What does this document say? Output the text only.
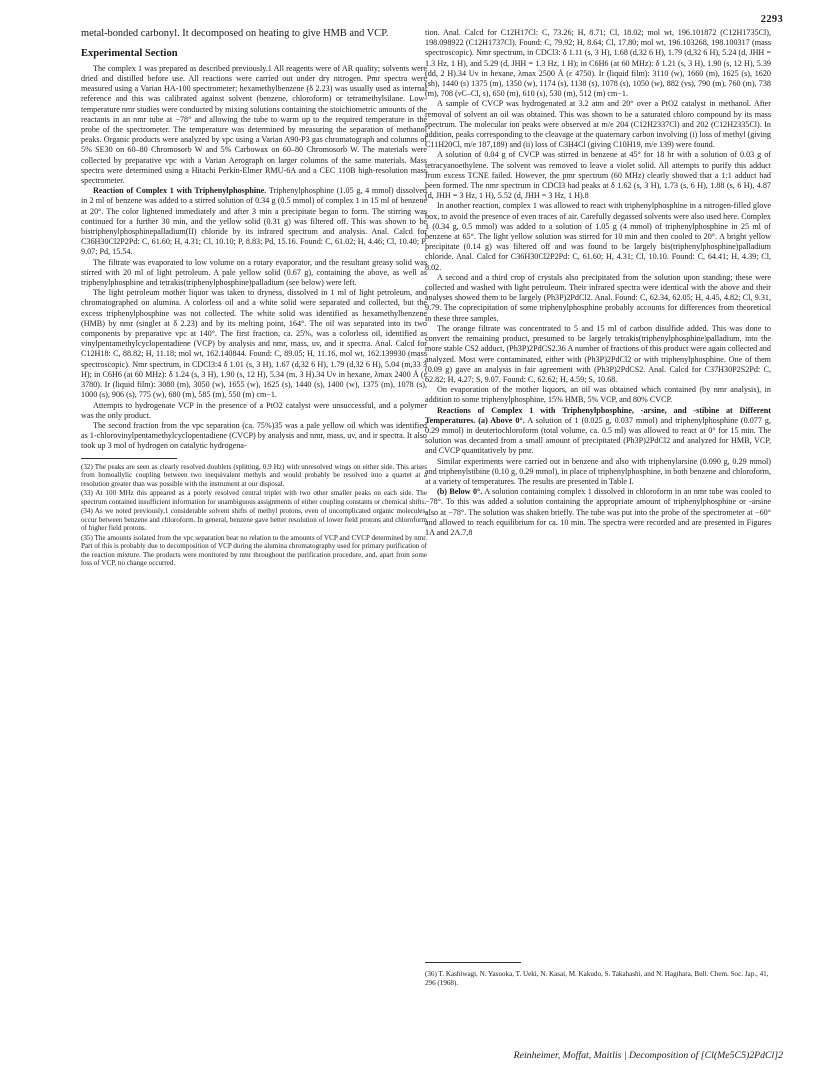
2293

metal-bonded carbonyl. It decomposed on heating to give HMB and VCP.

Experimental Section

The complex 1 was prepared as described previously.1 All reagents were of AR quality; solvents were dried and distilled before use. All reactions were carried out under dry nitrogen. Pmr spectra were measured using a Varian HA-100 spectrometer; hexamethylbenzene (δ 2.23) was usually used as internal reference and this was calibrated against solvent (benzene, chloroform) or tetramethylsilane. Low-temperature nmr studies were conducted by mixing solutions containing the stoichiometric amounts of the reactants in an nmr tube at −78° and allowing the tube to warm up to the required temperature in the probe of the spectrometer. The temperature was determined by measuring the separation of methanol peaks. Organic products were analyzed by vpc using a Varian A90-P3 gas chromatograph and columns of 5% SE30 on 60–80 Chromosorb W and 5% Carbowax on 60–80 Chromosorb W. The materials were collected by preparative vpc with a Varian Aerograph on larger columns of the same materials. Mass spectra were determined using a Hitachi Perkin-Elmer RMU-6A and a CEC 110B high-resolution mass spectrometer.

Reaction of Complex 1 with Triphenylphosphine. Triphenylphosphine (1.05 g, 4 mmol) dissolved in 2 ml of benzene was added to a stirred solution of 0.34 g (0.5 mmol) of complex 1 in 15 ml of benzene at 20°. The color lightened immediately and after 3 min a precipitate began to form. The stirring was continued for a further 30 min, and the yellow solid (0.31 g) was filtered off. This was shown to be bistriphenylphosphinepalladium(II) chloride by its infrared spectrum and analysis. Anal. Calcd for C36H30Cl2P2Pd: C, 61.60; H, 4.31; Cl, 10.10; P, 8.83; Pd, 15.16. Found: C, 61.02; H, 4.46; Cl, 10.40; P, 9.07; Pd, 15.54.

The filtrate was evaporated to low volume on a rotary evaporator, and the resultant greasy solid was stirred with 20 ml of light petroleum. A pale yellow solid (0.67 g), containing the above, as well as triphenylphosphine and tetrakis(triphenylphosphine)palladium (see below) were left.

The light petroleum mother liquor was taken to dryness, dissolved in 1 ml of light petroleum, and chromatographed on alumina. A colorless oil and a white solid were separated and collected, but the excess triphenylphosphine was not collected. The white solid was identified as hexamethylbenzene (HMB) by nmr (singlet at δ 2.23) and by its melting point, 164°. The oil was separated into its two components by preparative vpc at 140°. The first fraction, ca. 25%, was a colorless oil, identified as vinylpentamethylcyclopentadiene (VCP) by analysis and nmr, mass, uv, and ir spectra. Anal. Calcd for C12H18: C, 88.82; H, 11.18; mol wt, 162.140844. Found: C, 89.05; H, 11.16, mol wt, 162.139930 (mass spectroscopic). Nmr spectrum, in CDCl3:4 δ 1.01 (s, 3 H), 1.67 (d,32 6 H), 1.79 (d,32 6 H), 5.04 (m,33 3 H); in C6H6 (at 60 MHz): δ 1.24 (s, 3 H), 1.90 (s, 12 H), 5.34 (m, 3 H).34 Uv in hexane, λmax 2400 Å (ε 3780). Ir (liquid film): 3080 (m), 3050 (w), 1655 (w), 1625 (s), 1440 (s), 1400 (w), 1375 (m), 1078 (s), 1000 (s), 906 (s), 775 (w), 680 (m), 585 (m), 550 (m) cm−1.

Attempts to hydrogenate VCP in the presence of a PtO2 catalyst were unsuccessful, and a polymer was the only product.

The second fraction from the vpc separation (ca. 75%)35 was a pale yellow oil which was identified as 1-chlorovinylpentamethylcyclopentadiene (CVCP) by analysis and nmr, mass, uv, and ir spectra. It also took up 3 mol of hydrogen on catalytic hydrogena-

(32) The peaks are seen as clearly resolved doublets (splitting, 0.9 Hz) with unresolved wings on either side. This arises from homoallylic coupling between two inequivalent methyls and would probably be resolved into a quartet at a resolution greater than was possible with the instrument at our disposal.

(33) At 100 MHz this appeared as a poorly resolved central triplet with two other smaller peaks on each side. The spectrum contained insufficient information for unambiguous assignments of either coupling constants or chemical shifts.

(34) As we noted previously,1 considerable solvent shifts of methyl protons, even of uncomplicated organic molecules, occur between benzene and chloroform. In general, benzene gave better resolution of lower field protons and chloroform of higher field protons.

(35) The amounts isolated from the vpc separation bear no relation to the amounts of VCP and CVCP determined by nmr. Part of this is probably due to decomposition of VCP during the alumina chromatography used for primary purification of the reaction mixture. The products were monitored by nmr throughout the purification procedure, and, apart from some loss of VCP, no change occurred.

tion. Anal. Calcd for C12H17Cl: C, 73.26; H, 8.71; Cl, 18.02; mol wt, 196.101872 (C12H1735Cl), 198.098922 (C12H1737Cl). Found: C, 79.92; H, 8.64; Cl, 17.80; mol wt, 196.103268, 198.100317 (mass spectroscopic). Nmr spectrum, in CDCl3: δ 1.11 (s, 3 H), 1.68 (d,32 6 H), 1.79 (d,32 6 H), 5.24 (d, JHH = 1.3 Hz, 1 H), and 5.29 (d, JHH = 1.3 Hz, 1 H); in C6H6 (at 60 MHz): δ 1.21 (s, 3 H), 1.90 (s, 12 H), 5.39 (dd, 2 H).34 Uv in hexane, λmax 2500 Å (ε 4750). Ir (liquid film): 3110 (w), 1660 (m), 1625 (s), 1620 (sh), 1440 (s) 1375 (m), 1350 (w), 1174 (s), 1138 (s), 1078 (s), 1050 (w), 882 (vs), 790 (m), 760 (m), 738 (m), 708 (νC–Cl, s), 650 (m), 610 (s), 530 (m), 512 (m) cm−1.

A sample of CVCP was hydrogenated at 3.2 atm and 20° over a PtO2 catalyst in methanol. After removal of solvent an oil was obtained. This was shown to be a saturated chloro compound by its mass spectrum. The molecular ion peaks were observed at m/e 204 (C12H2337Cl) and 202 (C12H2335Cl). In addition, peaks corresponding to the cleavage at the quaternary carbon involving (i) loss of methyl (giving C11H20Cl, m/e 187,189) and (ii) loss of C3H4Cl (giving C10H19, m/e 139) were found.

A solution of 0.04 g of CVCP was stirred in benzene at 45° for 18 hr with a solution of 0.03 g of tetracyanoethylene. The solvent was removed to leave a violet solid. All attempts to purify this adduct from excess TCNE failed. However, the pmr spectrum (60 MHz) clearly showed that a 1:1 adduct had been formed. The nmr spectrum in CDCl3 had peaks at δ 1.62 (s, 3 H), 1.73 (s, 6 H), 1.88 (s, 6 H), 4.87 (d, JHH = 3 Hz, 1 H), 5.52 (d, JHH = 3 Hz, 1 H).8

In another reaction, complex 1 was allowed to react with triphenylphosphine in a nitrogen-filled glove box, to avoid the presence of even traces of air. Carefully degassed solvents were also used here. Complex 1 (0.34 g, 0.5 mmol) was added to a solution of 1.05 g (4 mmol) of triphenylphosphine in 25 ml of benzene at 65°. The light yellow solution was stirred for 10 min and then cooled to 20°. A bright yellow precipitate (0.14 g) was filtered off and was found to be largely bis(triphenylphosphine)palladium chloride. Anal. Calcd for C36H30Cl2P2Pd: C, 61.60; H, 4.31; Cl, 10.10. Found: C, 64.41; H, 4.39; Cl, 8.02.

A second and a third crop of crystals also precipitated from the solution upon standing; these were collected and washed with light petroleum. Their infrared spectra were identical with the above and their analyses showed them to be largely (Ph3P)2PdCl2. Anal. Found: C, 62.34, 62.05; H, 4.45, 4.82; Cl, 9.31, 9.79. The coprecipitation of some triphenylphosphine probably accounts for differences from theoretical in these three samples.

The orange filtrate was concentrated to 5 and 15 ml of carbon disulfide added. This was done to convert the remaining product, presumed to be largely tetrakis(triphenylphosphine)palladium, into the more stable CS2 adduct, (Ph3P)2PdCS2.36 A number of fractions of this product were again collected and analyzed. Most were contaminated, either with (Ph3P)2PdCl2 or with triphenylphosphine. One of them (0.09 g) gave an analysis in fair agreement with (Ph3P)2PdCS2. Anal. Calcd for C37H30P2S2Pd: C, 62.82; H, 4.27; S, 9.07. Found: C, 62.62; H, 4.59; S, 10.68.

On evaporation of the mother liquors, an oil was obtained which contained (by nmr analysis), in addition to some triphenylphosphine, 15% HMB, 5% VCP, and 80% CVCP.

Reactions of Complex 1 with Triphenylphosphine, -arsine, and -stibine at Different Temperatures. (a) Above 0°. A solution of 1 (0.025 g, 0.037 mmol) and triphenylphosphine (0.077 g, 0.29 mmol) in deuteriochloroform (total volume, ca. 0.5 ml) was allowed to react at 0° for 15 min. The solution was decanted from a small amount of precipitated (Ph3P)2PdCl2 and analyzed for HMB, VCP, and CVCP quantitatively by pmr.

Similar experiments were carried out in benzene and also with triphenylarsine (0.090 g, 0.29 mmol) and triphenylstibine (0.10 g, 0.29 mmol), in place of triphenylphosphine, in both benzene and chloroform, at a variety of temperatures. The results are presented in Table I.

(b) Below 0°. A solution containing complex 1 dissolved in chloroform in an nmr tube was cooled to −78°. To this was added a solution containing the appropriate amount of triphenylphosphine or -arsine also at −78°. The solution was shaken briefly. The tube was put into the probe of the spectrometer at −60° and allowed to reach equilibrium for ca. 10 min. The spectra were recorded and are presented in Figures 1A and 2A.7,8

(36) T. Kashiwagi, N. Yasuoka, T. Ueki, N. Kasai, M. Kakudo, S. Takahashi, and N. Hagihara, Bull. Chem. Soc. Jap., 41, 296 (1968).

Reinheimer, Moffat, Maitlis | Decomposition of [Cl(Me5C5)2PdCl]2
